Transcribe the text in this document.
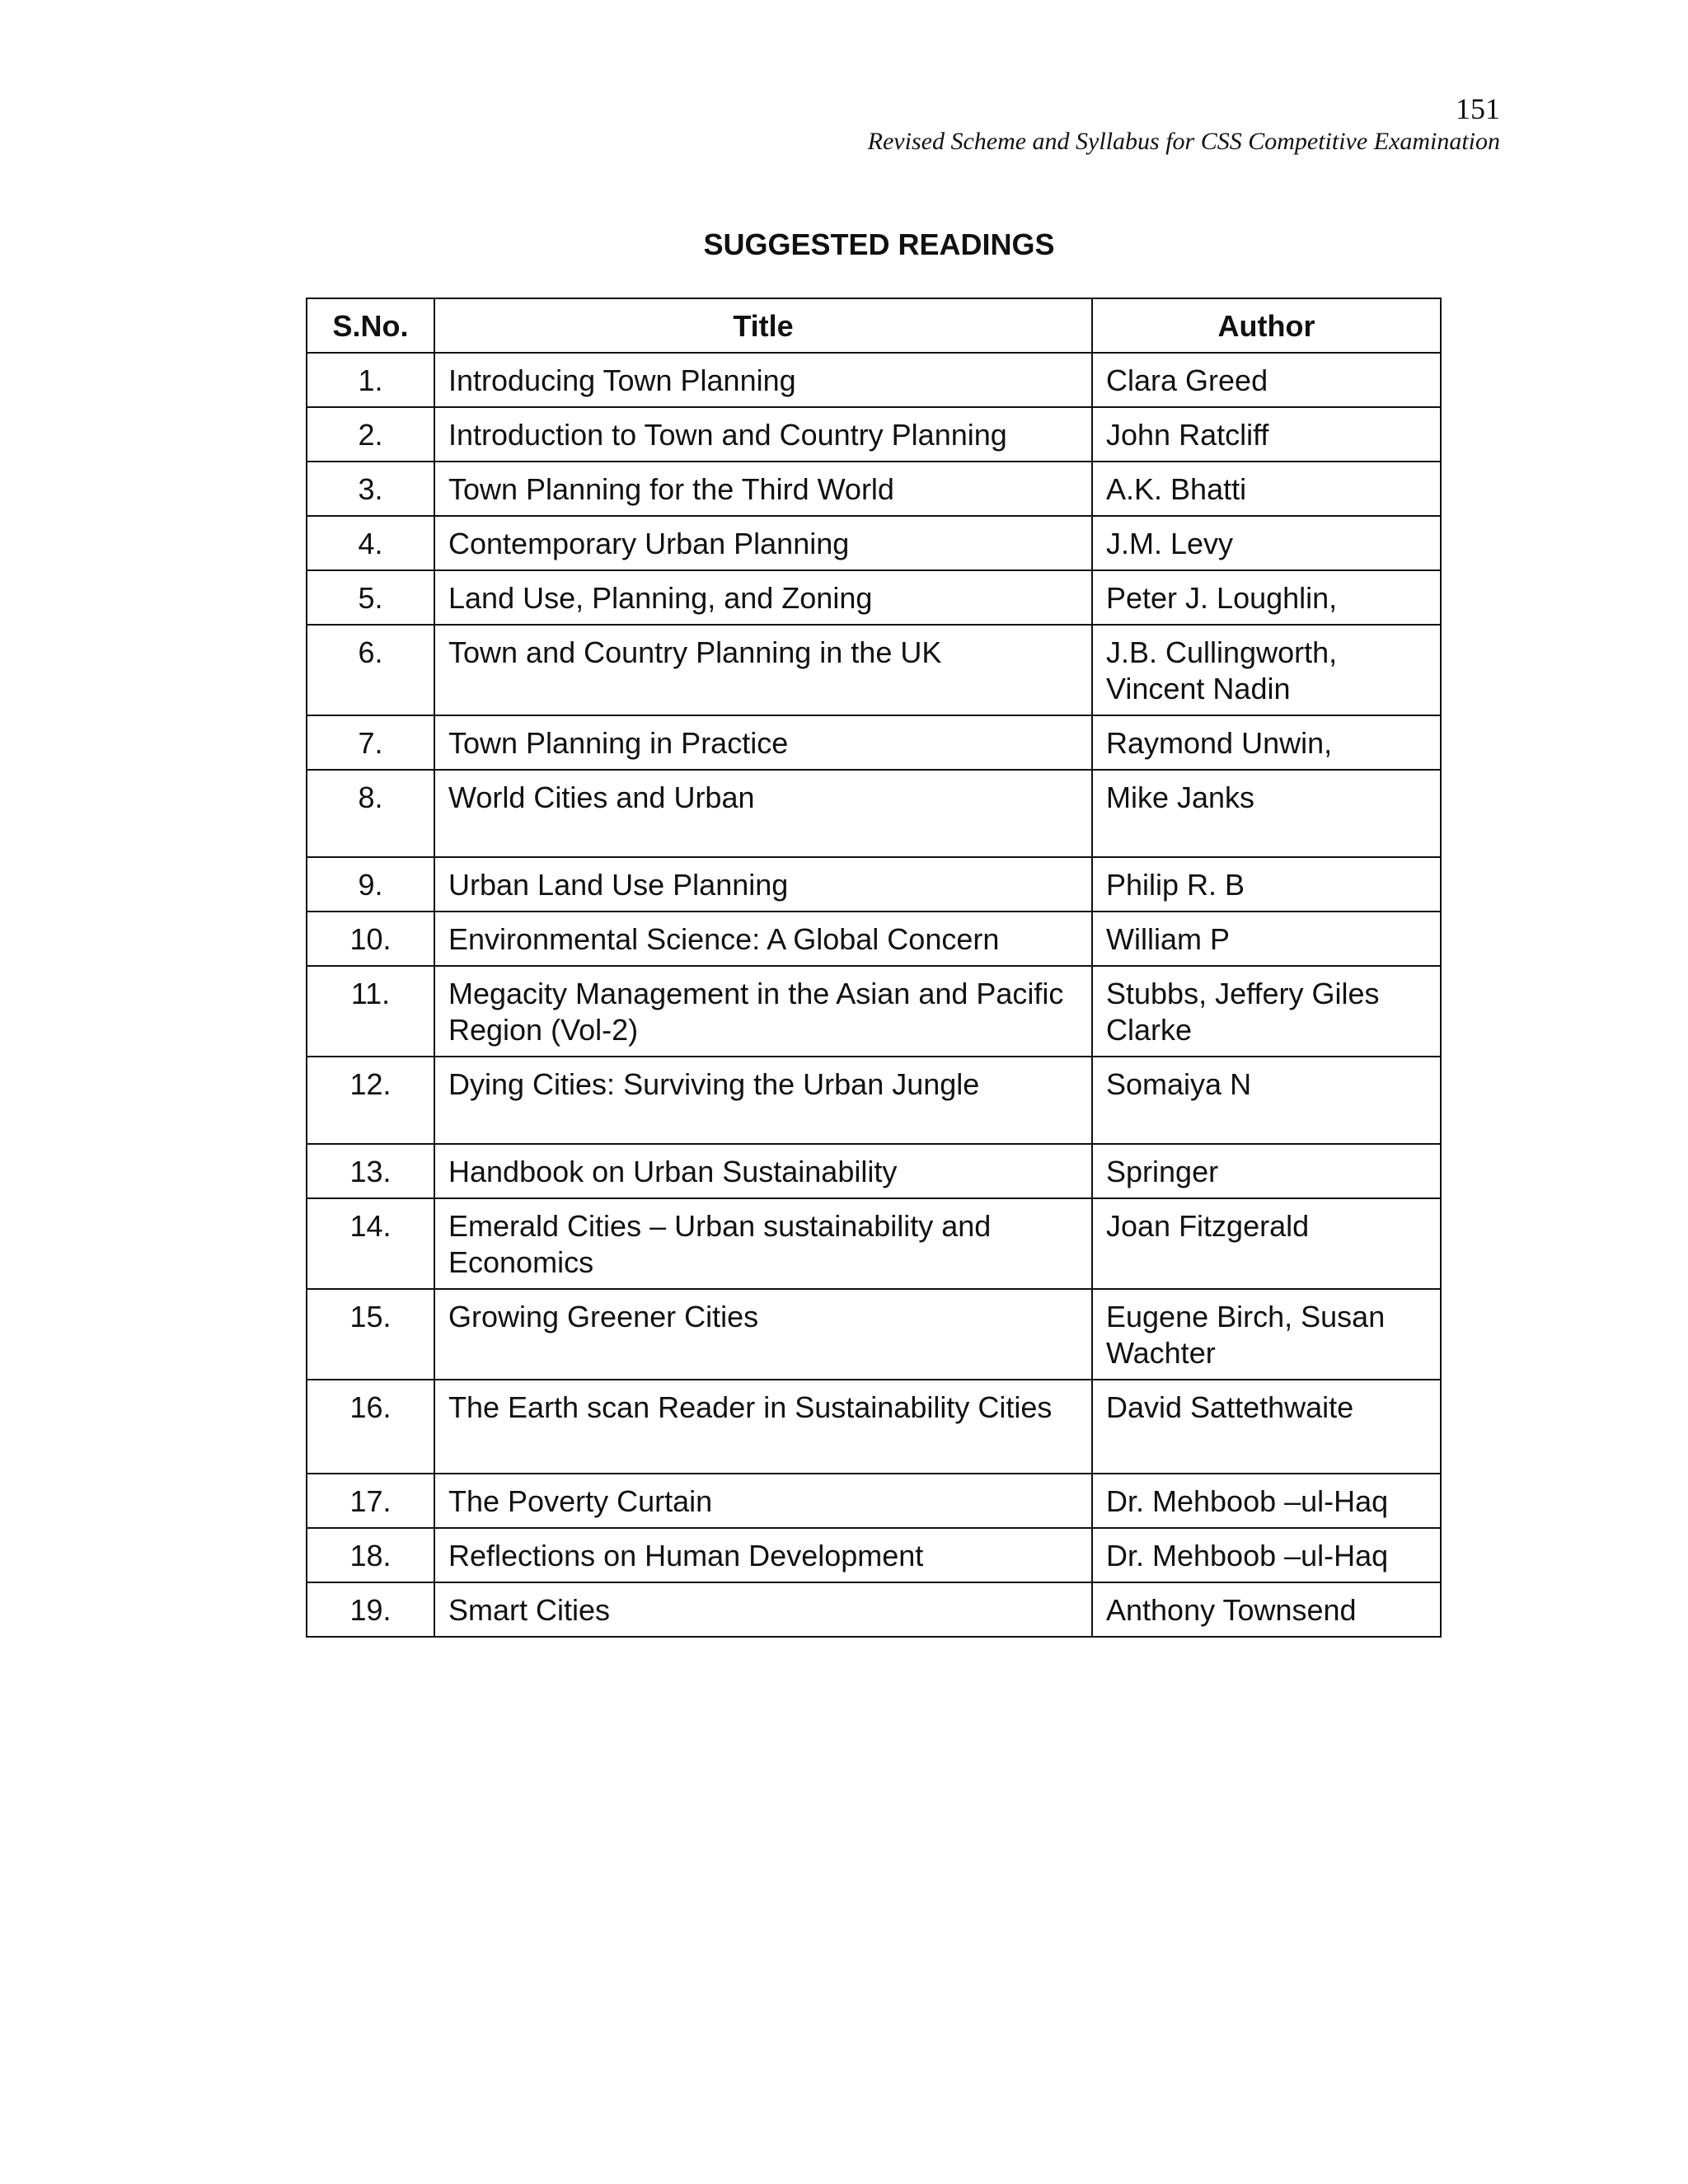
151
Revised Scheme and Syllabus for CSS Competitive Examination
SUGGESTED READINGS
S.No.	Title	Author
1.	Introducing Town Planning	Clara Greed
2.	Introduction to Town and Country Planning	John Ratcliff
3.	Town Planning for the Third World	A.K. Bhatti
4.	Contemporary Urban Planning	J.M. Levy
5.	Land Use, Planning, and Zoning	Peter J. Loughlin,
6.	Town and Country Planning in the UK	J.B. Cullingworth, Vincent Nadin
7.	Town Planning in Practice	Raymond Unwin,
8.	World Cities and Urban	Mike Janks
9.	Urban Land Use Planning	Philip R. B
10.	Environmental Science: A Global Concern	William P
11.	Megacity Management in the Asian and Pacific Region (Vol-2)	Stubbs, Jeffery Giles Clarke
12.	Dying Cities: Surviving the Urban Jungle	Somaiya N
13.	Handbook on Urban Sustainability	Springer
14.	Emerald Cities – Urban sustainability and Economics	Joan Fitzgerald
15.	Growing Greener Cities	Eugene Birch, Susan Wachter
16.	The Earth scan Reader in Sustainability Cities	David Sattethwaite
17.	The Poverty Curtain	Dr. Mehboob –ul-Haq
18.	Reflections on Human Development	Dr. Mehboob –ul-Haq
19.	Smart Cities	Anthony Townsend
